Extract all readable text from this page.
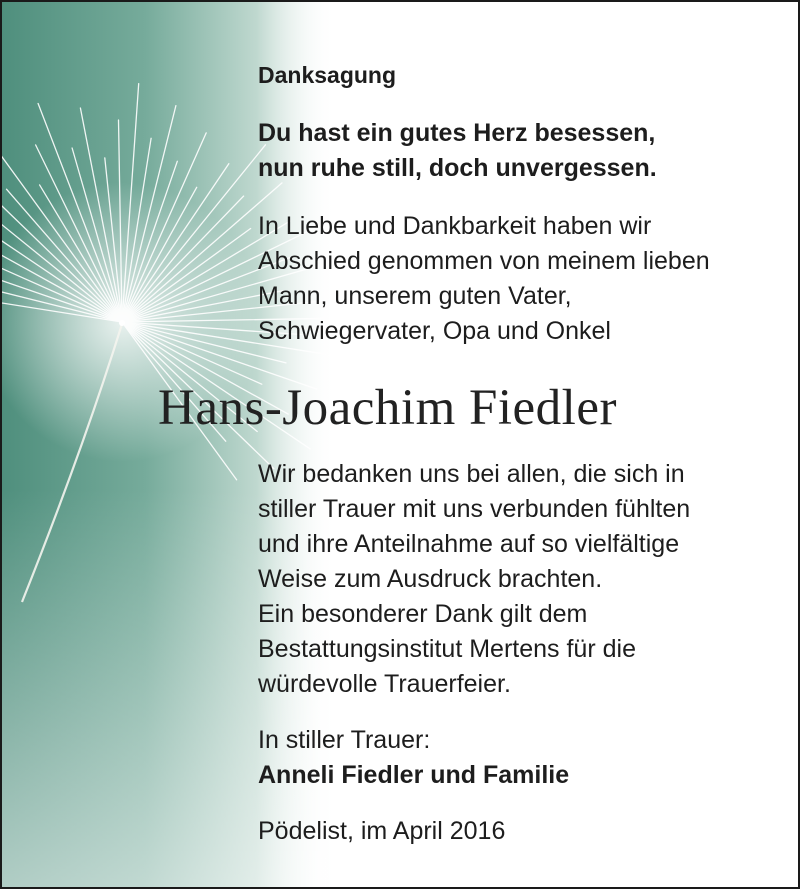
Danksagung
Du hast ein gutes Herz besessen,
nun ruhe still, doch unvergessen.
In Liebe und Dankbarkeit haben wir
Abschied genommen von meinem lieben
Mann, unserem guten Vater,
Schwiegervater, Opa und Onkel
Hans-Joachim Fiedler
Wir bedanken uns bei allen, die sich in
stiller Trauer mit uns verbunden fühlten
und ihre Anteilnahme auf so vielfältige
Weise zum Ausdruck brachten.
Ein besonderer Dank gilt dem
Bestattungsinstitut Mertens für die
würdevolle Trauerfeier.
In stiller Trauer:
Anneli Fiedler und Familie
Pödelist, im April 2016
